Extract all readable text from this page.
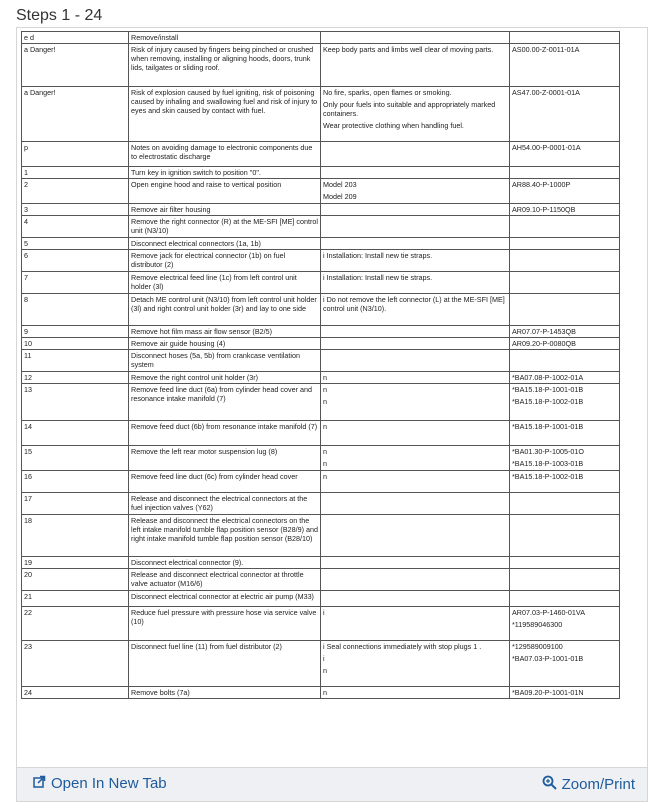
Steps 1 - 24
e d	Remove/install		
a Danger!	Risk of injury caused by fingers being pinched or crushed when removing, installing or aligning hoods, doors, trunk lids, tailgates or sliding roof.	Keep body parts and limbs well clear of moving parts.	AS00.00-Z-0011-01A

a Danger!	Risk of explosion caused by fuel igniting, risk of poisoning caused by inhaling and swallowing fuel and risk of injury to eyes and skin caused by contact with fuel.	No fire, sparks, open flames or smoking.
Only pour fuels into suitable and appropriately marked containers.
Wear protective clothing when handling fuel.	AS47.00-Z-0001-01A

p	Notes on avoiding damage to electronic components due to electrostatic discharge		AH54.00-P-0001-01A

1	Turn key in ignition switch to position "0".		
2	Open engine hood and raise to vertical position	Model 203
Model 209	AR88.40-P-1000P

3	Remove air filter housing		AR09.10-P-1150QB

4	Remove the right connector (R) at the ME-SFI [ME] control unit (N3/10)		
5	Disconnect electrical connectors (1a, 1b)		
6	Remove jack for electrical connector (1b) on fuel distributor (2)	i Installation: Install new tie straps.	

7	Remove electrical feed line (1c) from left control unit holder (3l)	i Installation: Install new tie straps.	

8	Detach ME control unit (N3/10) from left control unit holder (3l) and right control unit holder (3r) and lay to one side	i Do not remove the left connector (L) at the ME-SFI [ME] control unit (N3/10).	

9	Remove hot film mass air flow sensor (B2/5)		AR07.07-P-1453QB

10	Remove air guide housing (4)		AR09.20-P-0080QB

11	Disconnect hoses (5a, 5b) from crankcase ventilation system		
12	Remove the right control unit holder (3r)	n	*BA07.08-P-1002-01A

13	Remove feed line duct (6a) from cylinder head cover and resonance intake manifold (7)	n
n	*BA15.18-P-1001-01B
*BA15.18-P-1002-01B

14	Remove feed duct (6b) from resonance intake manifold (7)	n	*BA15.18-P-1001-01B

15	Remove the left rear motor suspension lug (8)	n
n	*BA01.30-P-1005-01O
*BA15.18-P-1003-01B

16	Remove feed line duct (6c) from cylinder head cover	n	*BA15.18-P-1002-01B

17	Release and disconnect the electrical connectors at the fuel injection valves (Y62)		
18	Release and disconnect the electrical connectors on the left intake manifold tumble flap position sensor (B28/9) and right intake manifold tumble flap position sensor (B28/10)		
19	Disconnect electrical connector (9).		
20	Release and disconnect electrical connector at throttle valve actuator (M16/6)		
21	Disconnect electrical connector at electric air pump (M33)		
22	Reduce fuel pressure with pressure hose via service valve (10)	i	AR07.03-P-1460-01VA
*119589046300

23	Disconnect fuel line (11) from fuel distributor (2)	i Seal connections immediately with stop plugs 1 .
i
n	*129589009100
*BA07.03-P-1001-01B

24	Remove bolts (7a)	n	*BA09.20-P-1001-01N
Open In New Tab	Zoom/Print
